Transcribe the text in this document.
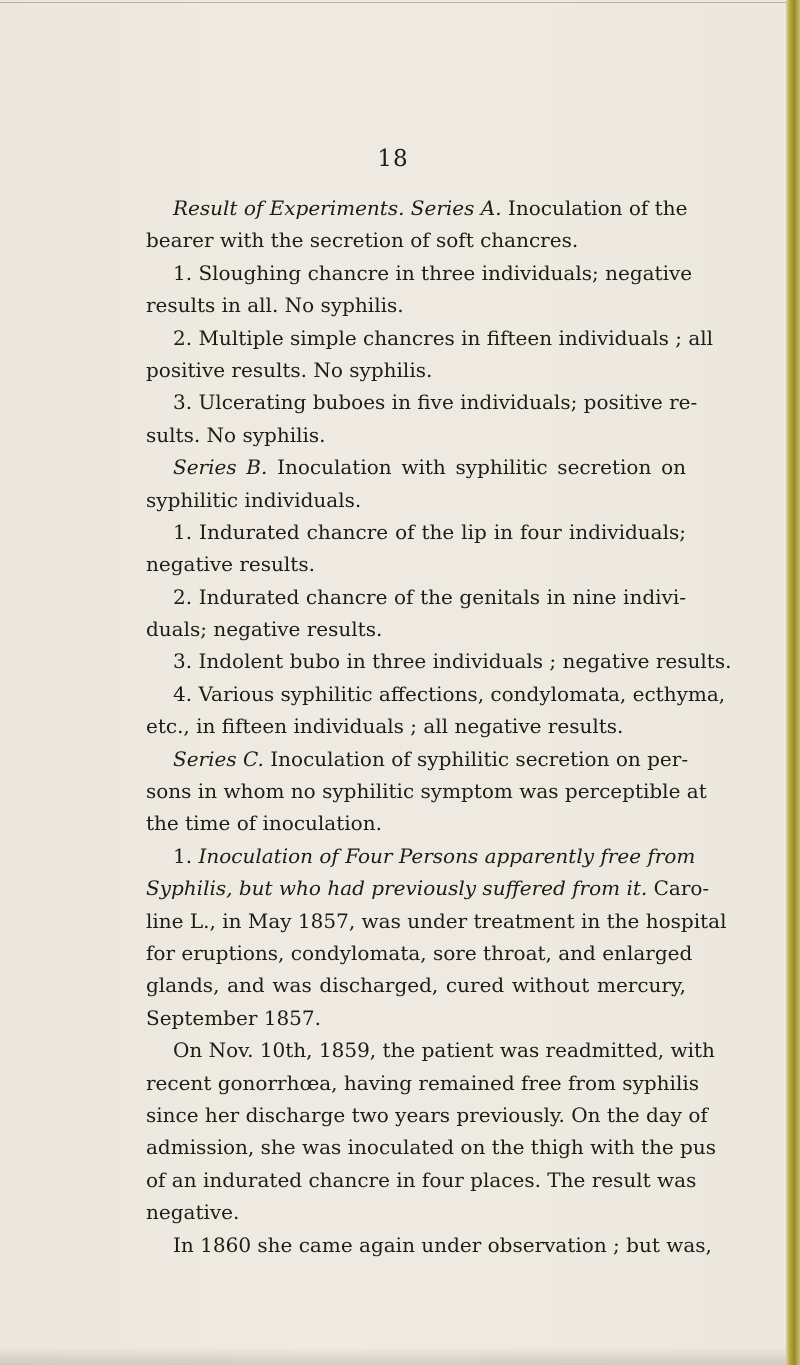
18
Result of Experiments. Series A. Inoculation of the
bearer with the secretion of soft chancres.
1. Sloughing chancre in three individuals; negative
results in all. No syphilis.
2. Multiple simple chancres in fifteen individuals ; all
positive results. No syphilis.
3. Ulcerating buboes in five individuals; positive re-
sults. No syphilis.
Series B. Inoculation with syphilitic secretion on
syphilitic individuals.
1. Indurated chancre of the lip in four individuals;
negative results.
2. Indurated chancre of the genitals in nine indivi-
duals; negative results.
3. Indolent bubo in three individuals ; negative results.
4. Various syphilitic affections, condylomata, ecthyma,
etc., in fifteen individuals ; all negative results.
Series C. Inoculation of syphilitic secretion on per-
sons in whom no syphilitic symptom was perceptible at
the time of inoculation.
1. Inoculation of Four Persons apparently free from
Syphilis, but who had previously suffered from it. Caro-
line L., in May 1857, was under treatment in the hospital
for eruptions, condylomata, sore throat, and enlarged
glands, and was discharged, cured without mercury,
September 1857.
On Nov. 10th, 1859, the patient was readmitted, with
recent gonorrhœa, having remained free from syphilis
since her discharge two years previously. On the day of
admission, she was inoculated on the thigh with the pus
of an indurated chancre in four places. The result was
negative.
In 1860 she came again under observation ; but was,
